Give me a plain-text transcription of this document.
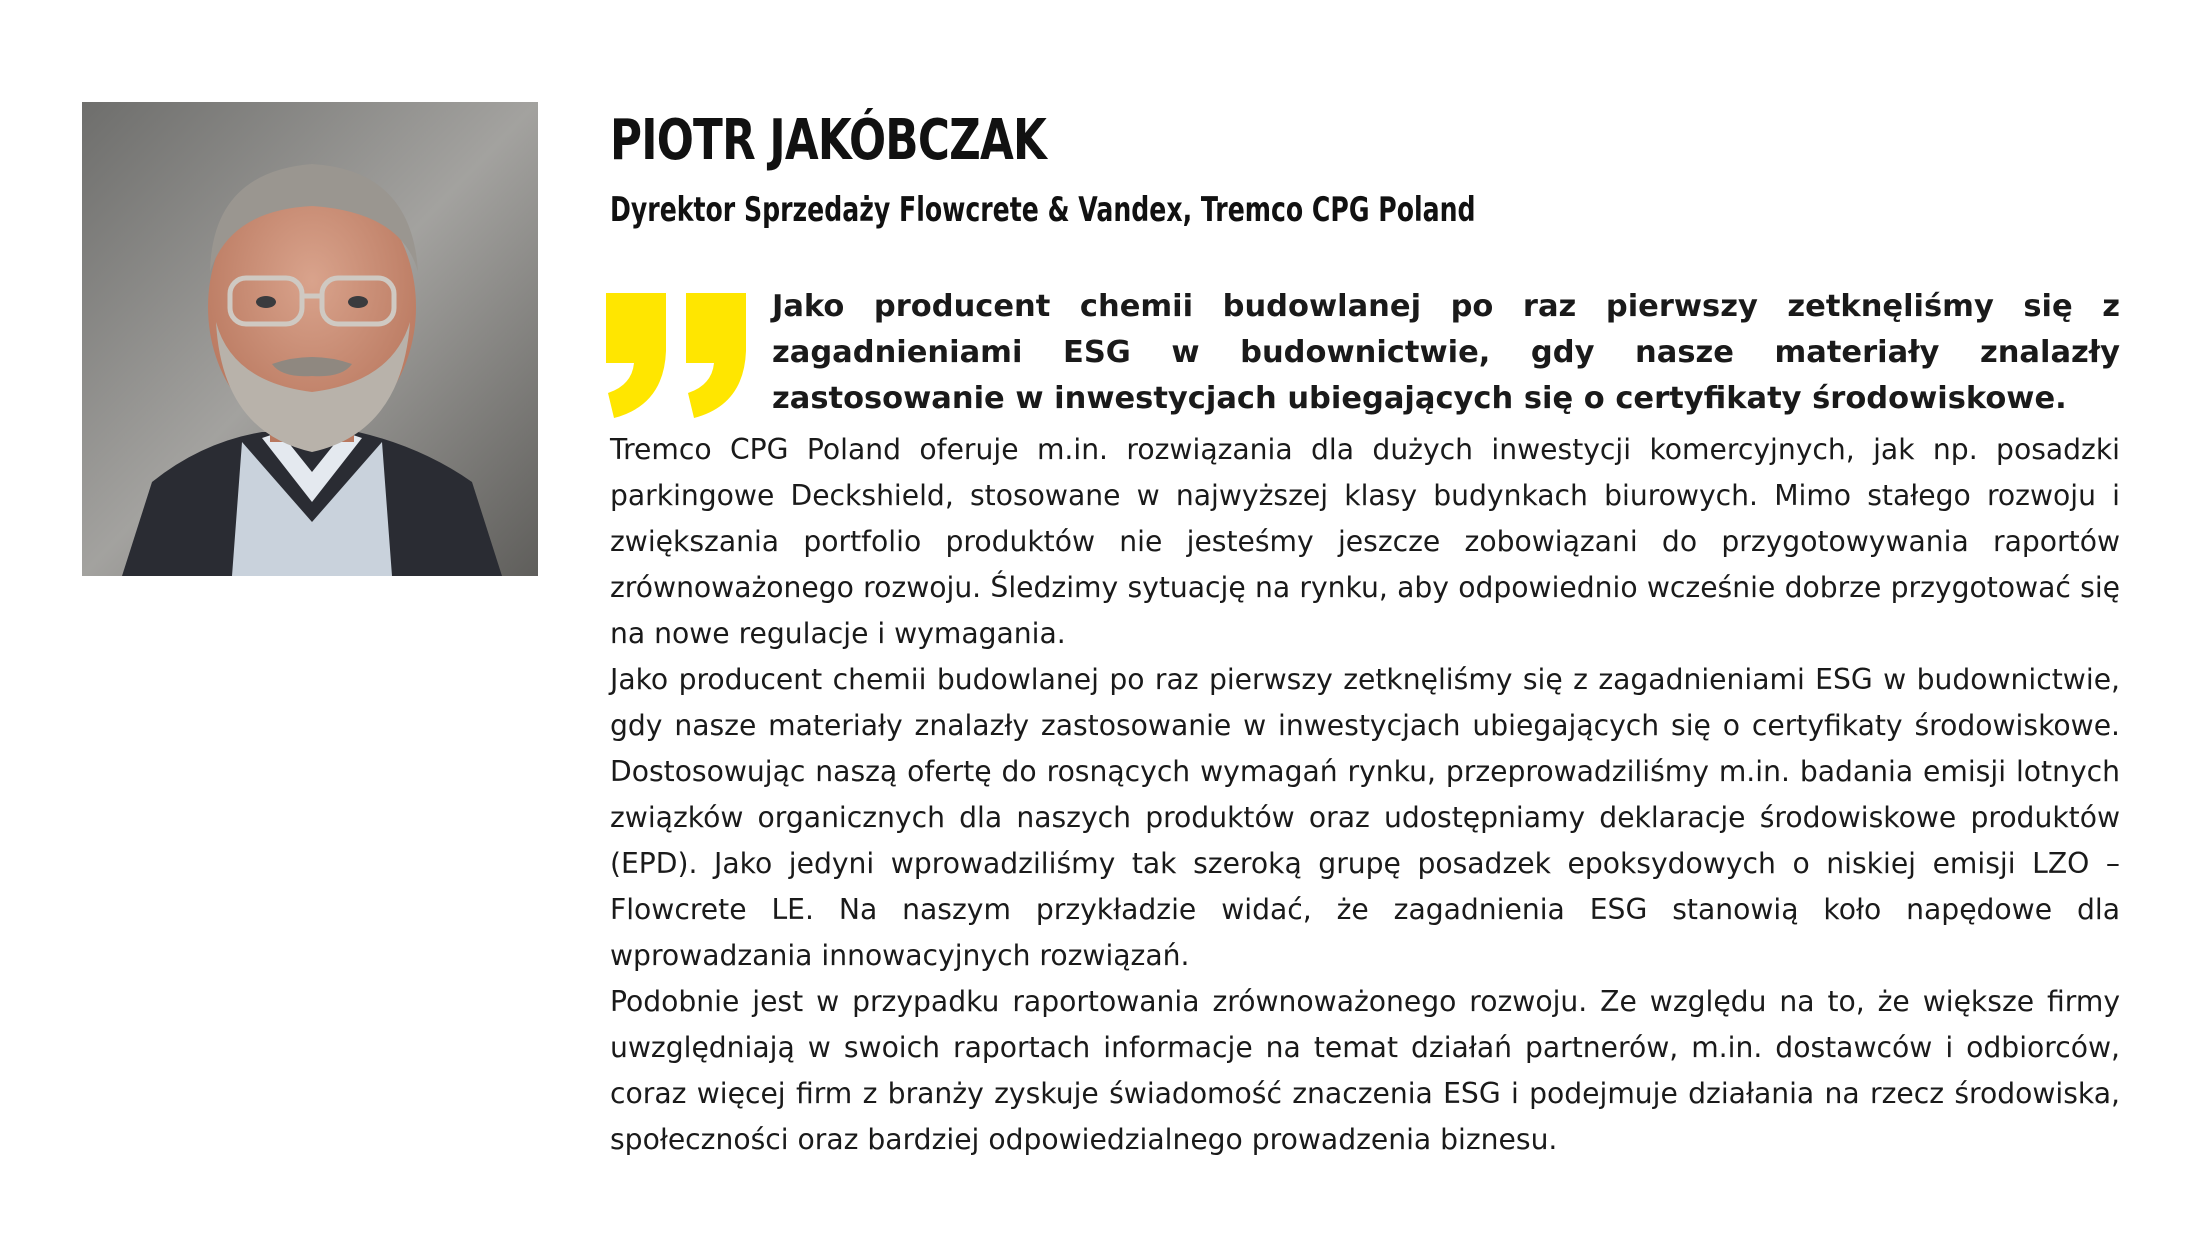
PIOTR JAKÓBCZAK
Dyrektor Sprzedaży Flowcrete & Vandex, Tremco CPG Poland

Jako producent chemii budowlanej po raz pierwszy zetknęliśmy się z zagadnieniami ESG w budownictwie, gdy nasze materiały znalazły zastosowanie w inwestycjach ubiegających się o certyfikaty środowiskowe.

Tremco CPG Poland oferuje m.in. rozwiązania dla dużych inwestycji komercyjnych, jak np. posadzki parkingowe Deckshield, stosowane w najwyższej klasy budynkach biurowych. Mimo stałego rozwoju i zwiększania portfolio produktów nie jesteśmy jeszcze zobowiązani do przygotowywania raportów zrównoważonego rozwoju. Śledzimy sytuację na rynku, aby odpowiednio wcześnie dobrze przygotować się na nowe regulacje i wymagania.

Jako producent chemii budowlanej po raz pierwszy zetknęliśmy się z zagadnieniami ESG w budownictwie, gdy nasze materiały znalazły zastosowanie w inwestycjach ubiegających się o certyfikaty środowiskowe. Dostosowując naszą ofertę do rosnących wymagań rynku, przeprowadziliśmy m.in. badania emisji lotnych związków organicznych dla naszych produktów oraz udostępniamy deklaracje środowiskowe produktów (EPD). Jako jedyni wprowadziliśmy tak szeroką grupę posadzek epoksydowych o niskiej emisji LZO – Flowcrete LE. Na naszym przykładzie widać, że zagadnienia ESG stanowią koło napędowe dla wprowadzania innowacyjnych rozwiązań.

Podobnie jest w przypadku raportowania zrównoważonego rozwoju. Ze względu na to, że większe firmy uwzględniają w swoich raportach informacje na temat działań partnerów, m.in. dostawców i odbiorców, coraz więcej firm z branży zyskuje świadomość znaczenia ESG i podejmuje działania na rzecz środowiska, społeczności oraz bardziej odpowiedzialnego prowadzenia biznesu.
